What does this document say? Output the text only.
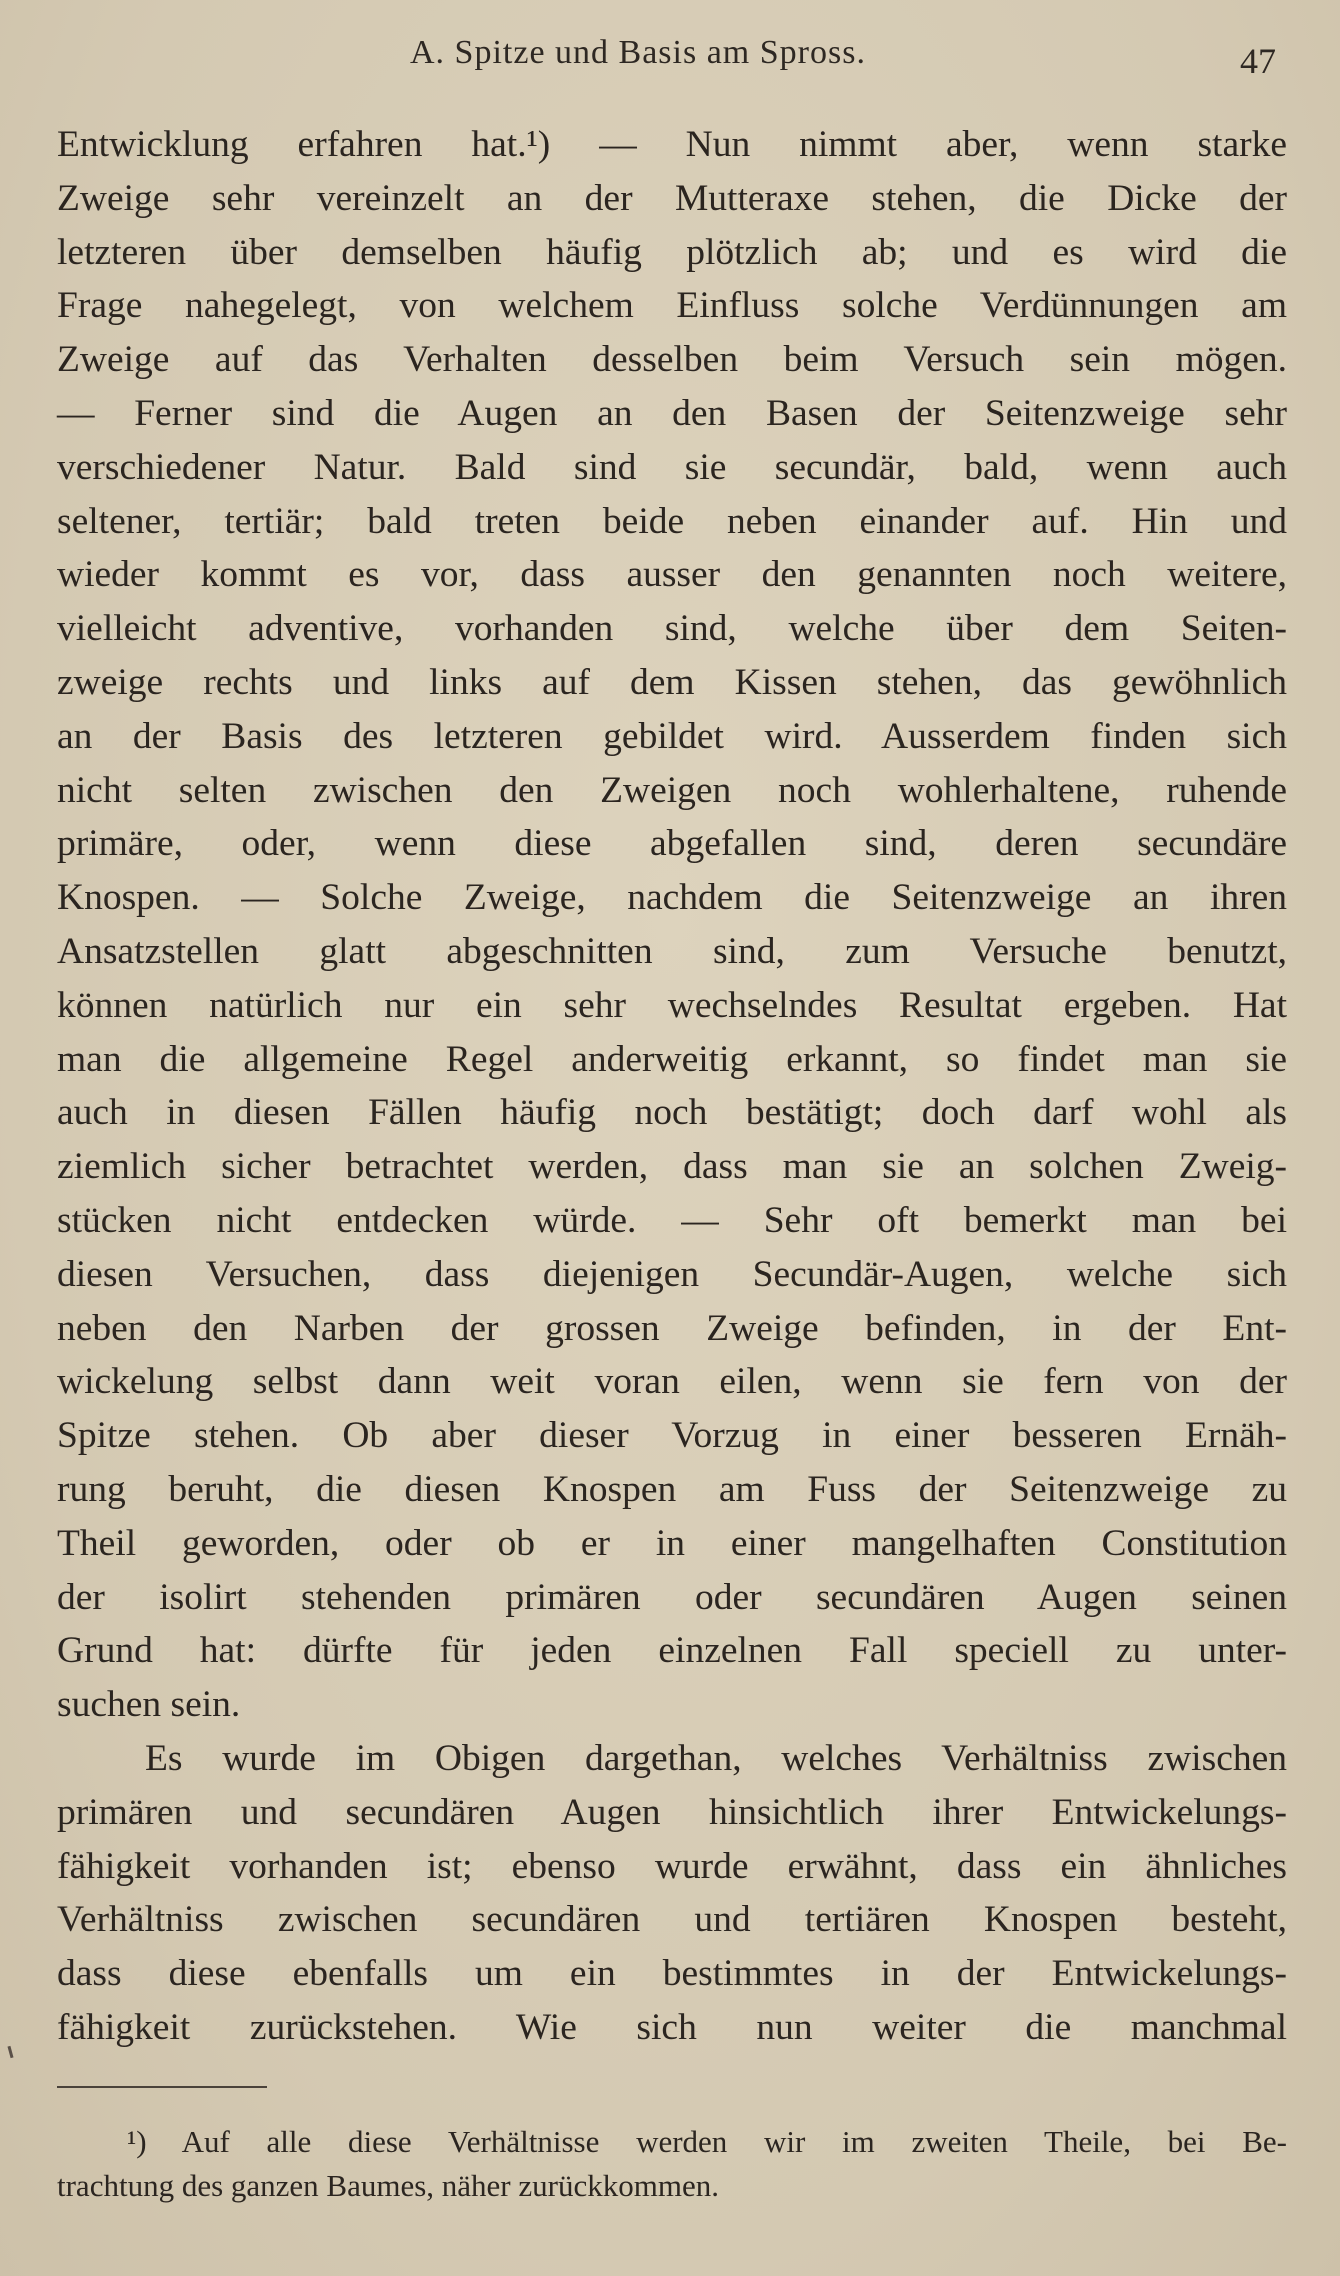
A. Spitze und Basis am Spross.	47
Entwicklung erfahren hat.¹) — Nun nimmt aber, wenn starke
Zweige sehr vereinzelt an der Mutteraxe stehen, die Dicke der
letzteren über demselben häufig plötzlich ab; und es wird die
Frage nahegelegt, von welchem Einfluss solche Verdünnungen am
Zweige auf das Verhalten desselben beim Versuch sein mögen.
— Ferner sind die Augen an den Basen der Seitenzweige sehr
verschiedener Natur. Bald sind sie secundär, bald, wenn auch
seltener, tertiär; bald treten beide neben einander auf. Hin und
wieder kommt es vor, dass ausser den genannten noch weitere,
vielleicht adventive, vorhanden sind, welche über dem Seiten-
zweige rechts und links auf dem Kissen stehen, das gewöhnlich
an der Basis des letzteren gebildet wird. Ausserdem finden sich
nicht selten zwischen den Zweigen noch wohlerhaltene, ruhende
primäre, oder, wenn diese abgefallen sind, deren secundäre
Knospen. — Solche Zweige, nachdem die Seitenzweige an ihren
Ansatzstellen glatt abgeschnitten sind, zum Versuche benutzt,
können natürlich nur ein sehr wechselndes Resultat ergeben. Hat
man die allgemeine Regel anderweitig erkannt, so findet man sie
auch in diesen Fällen häufig noch bestätigt; doch darf wohl als
ziemlich sicher betrachtet werden, dass man sie an solchen Zweig-
stücken nicht entdecken würde. — Sehr oft bemerkt man bei
diesen Versuchen, dass diejenigen Secundär-Augen, welche sich
neben den Narben der grossen Zweige befinden, in der Ent-
wickelung selbst dann weit voran eilen, wenn sie fern von der
Spitze stehen. Ob aber dieser Vorzug in einer besseren Ernäh-
rung beruht, die diesen Knospen am Fuss der Seitenzweige zu
Theil geworden, oder ob er in einer mangelhaften Constitution
der isolirt stehenden primären oder secundären Augen seinen
Grund hat: dürfte für jeden einzelnen Fall speciell zu unter-
suchen sein.
Es wurde im Obigen dargethan, welches Verhältniss zwischen
primären und secundären Augen hinsichtlich ihrer Entwickelungs-
fähigkeit vorhanden ist; ebenso wurde erwähnt, dass ein ähnliches
Verhältniss zwischen secundären und tertiären Knospen besteht,
dass diese ebenfalls um ein bestimmtes in der Entwickelungs-
fähigkeit zurückstehen. Wie sich nun weiter die manchmal
¹) Auf alle diese Verhältnisse werden wir im zweiten Theile, bei Be-
trachtung des ganzen Baumes, näher zurückkommen.
